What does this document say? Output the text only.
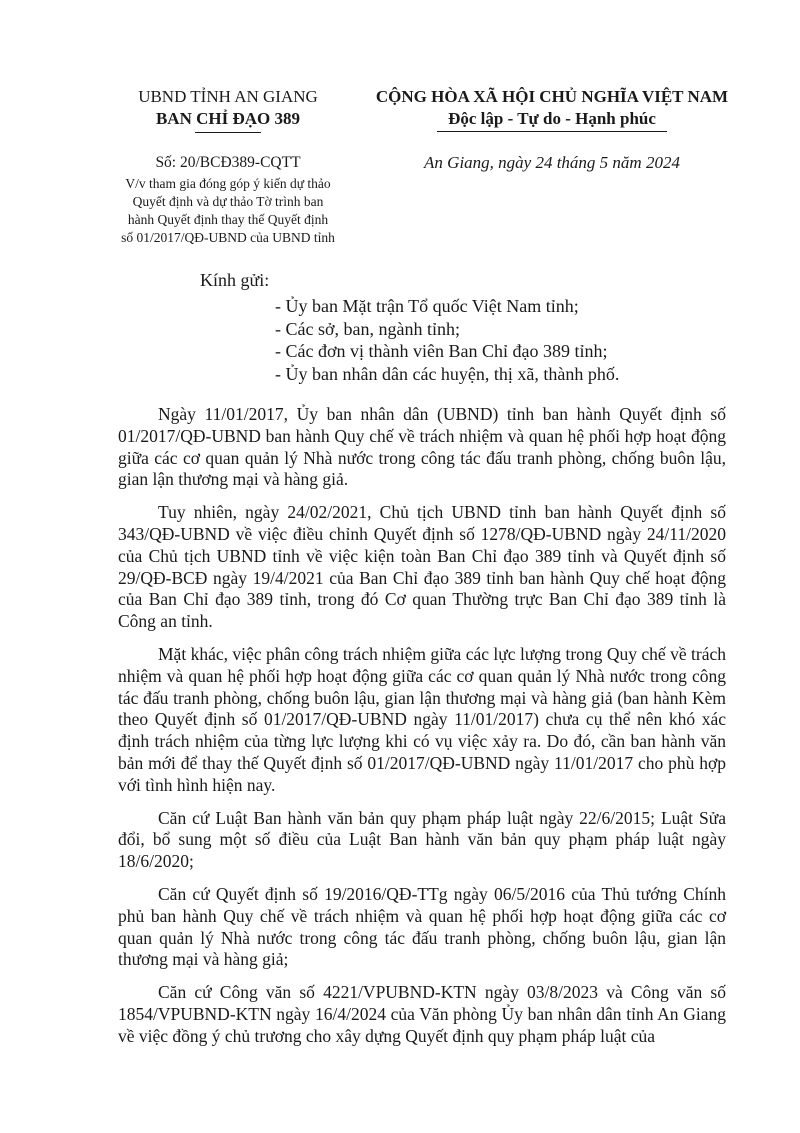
UBND TỈNH AN GIANG
BAN CHỈ ĐẠO 389
Số: 20/BCĐ389-CQTT
V/v tham gia đóng góp ý kiến dự thảo
Quyết định và dự thảo Tờ trình ban
hành Quyết định thay thế Quyết định
số 01/2017/QĐ-UBND của UBND tỉnh
CỘNG HÒA XÃ HỘI CHỦ NGHĨA VIỆT NAM
Độc lập - Tự do - Hạnh phúc
An Giang, ngày 24 tháng 5 năm 2024
Kính gửi:
- Ủy ban Mặt trận Tổ quốc Việt Nam tỉnh;
- Các sở, ban, ngành tỉnh;
- Các đơn vị thành viên Ban Chỉ đạo 389 tỉnh;
- Ủy ban nhân dân các huyện, thị xã, thành phố.

Ngày 11/01/2017, Ủy ban nhân dân (UBND) tỉnh ban hành Quyết định số 01/2017/QĐ-UBND ban hành Quy chế về trách nhiệm và quan hệ phối hợp hoạt động giữa các cơ quan quản lý Nhà nước trong công tác đấu tranh phòng, chống buôn lậu, gian lận thương mại và hàng giả.

Tuy nhiên, ngày 24/02/2021, Chủ tịch UBND tỉnh ban hành Quyết định số 343/QĐ-UBND về việc điều chỉnh Quyết định số 1278/QĐ-UBND ngày 24/11/2020 của Chủ tịch UBND tỉnh về việc kiện toàn Ban Chỉ đạo 389 tỉnh và Quyết định số 29/QĐ-BCĐ ngày 19/4/2021 của Ban Chỉ đạo 389 tỉnh ban hành Quy chế hoạt động của Ban Chỉ đạo 389 tỉnh, trong đó Cơ quan Thường trực Ban Chỉ đạo 389 tỉnh là Công an tỉnh.

Mặt khác, việc phân công trách nhiệm giữa các lực lượng trong Quy chế về trách nhiệm và quan hệ phối hợp hoạt động giữa các cơ quan quản lý Nhà nước trong công tác đấu tranh phòng, chống buôn lậu, gian lận thương mại và hàng giả (ban hành Kèm theo Quyết định số 01/2017/QĐ-UBND ngày 11/01/2017) chưa cụ thể nên khó xác định trách nhiệm của từng lực lượng khi có vụ việc xảy ra. Do đó, cần ban hành văn bản mới để thay thế Quyết định số 01/2017/QĐ-UBND ngày 11/01/2017 cho phù hợp với tình hình hiện nay.

Căn cứ Luật Ban hành văn bản quy phạm pháp luật ngày 22/6/2015; Luật Sửa đổi, bổ sung một số điều của Luật Ban hành văn bản quy phạm pháp luật ngày 18/6/2020;

Căn cứ Quyết định số 19/2016/QĐ-TTg ngày 06/5/2016 của Thủ tướng Chính phủ ban hành Quy chế về trách nhiệm và quan hệ phối hợp hoạt động giữa các cơ quan quản lý Nhà nước trong công tác đấu tranh phòng, chống buôn lậu, gian lận thương mại và hàng giả;

Căn cứ Công văn số 4221/VPUBND-KTN ngày 03/8/2023 và Công văn số 1854/VPUBND-KTN ngày 16/4/2024 của Văn phòng Ủy ban nhân dân tỉnh An Giang về việc đồng ý chủ trương cho xây dựng Quyết định quy phạm pháp luật của
